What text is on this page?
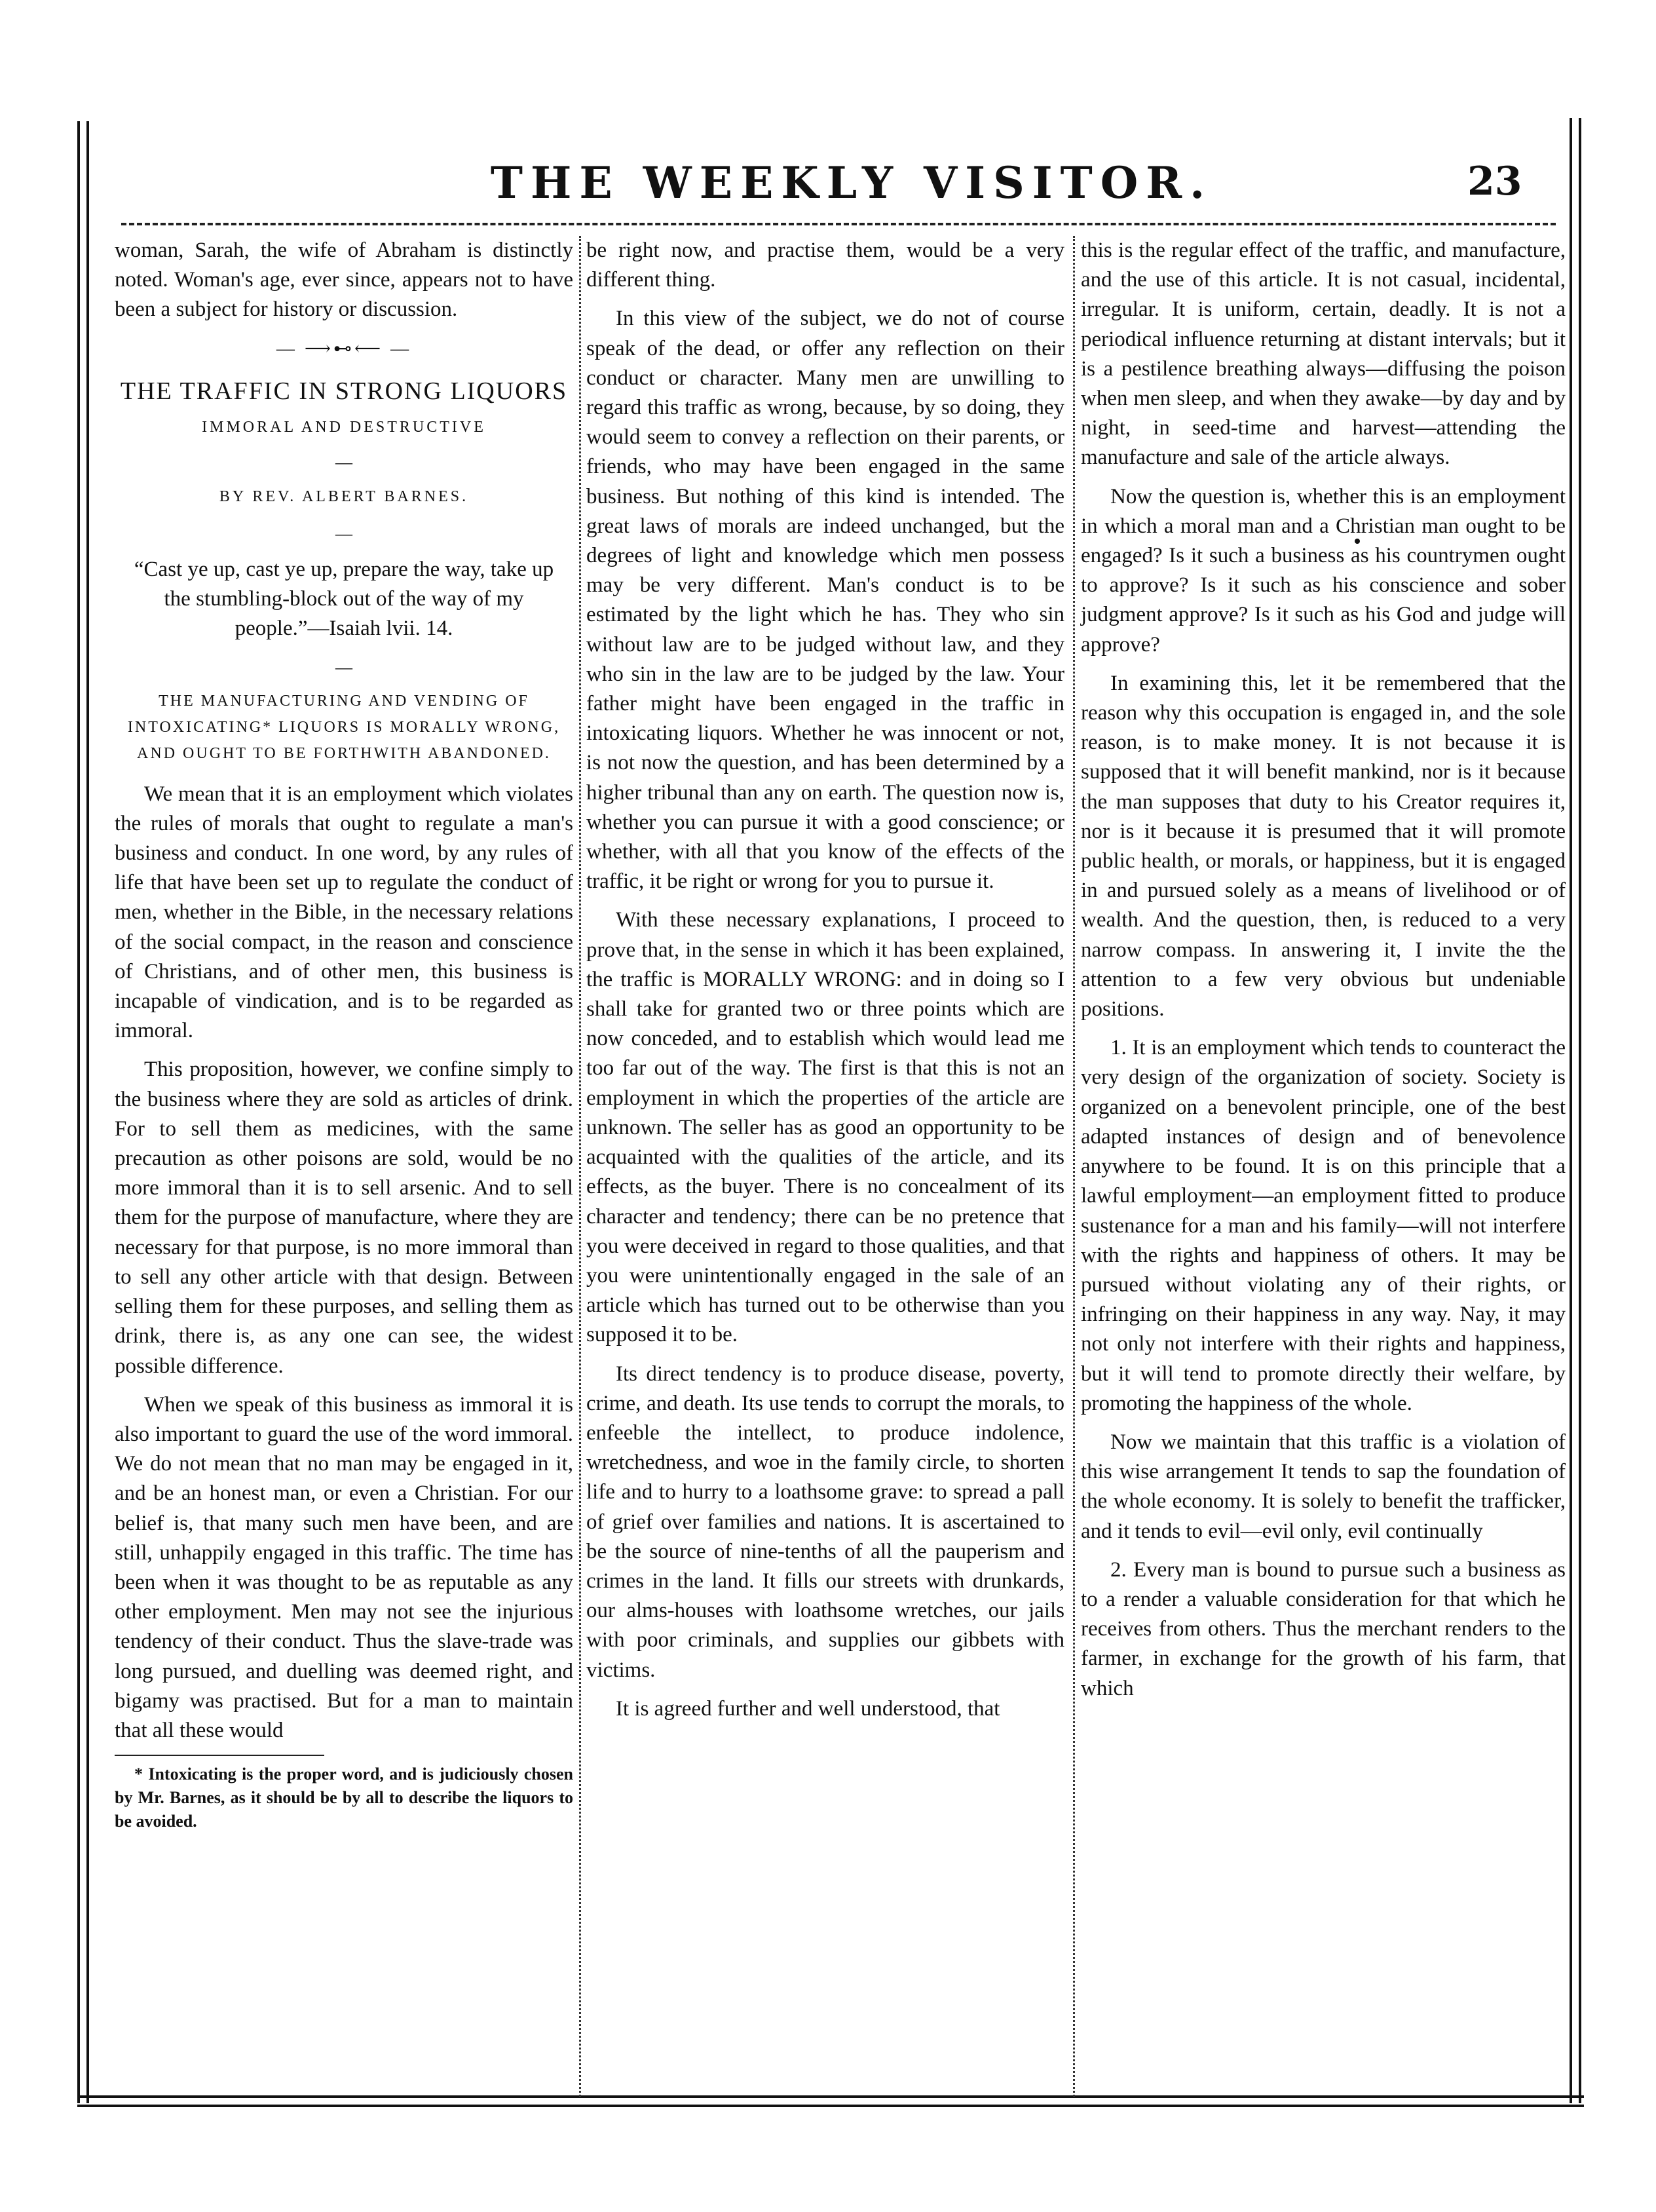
THE WEEKLY VISITOR.	23

woman, Sarah, the wife of Abraham is distinctly noted. Woman's age, ever since, appears not to have been a subject for history or discussion.

— ⟶⊷⟵ —
THE TRAFFIC IN STRONG LIQUORS
IMMORAL AND DESTRUCTIVE
—
BY REV. ALBERT BARNES.
—

“Cast ye up, cast ye up, prepare the way, take up the stumbling-block out of the way of my people.”—Isaiah lvii. 14.

—

THE MANUFACTURING AND VENDING OF INTOXICATING* LIQUORS IS MORALLY WRONG, AND OUGHT TO BE FORTHWITH ABANDONED.

We mean that it is an employment which violates the rules of morals that ought to regulate a man's business and conduct. In one word, by any rules of life that have been set up to regulate the conduct of men, whether in the Bible, in the necessary relations of the social compact, in the reason and conscience of Christians, and of other men, this business is incapable of vindication, and is to be regarded as immoral.

This proposition, however, we confine simply to the business where they are sold as articles of drink. For to sell them as medicines, with the same precaution as other poisons are sold, would be no more immoral than it is to sell arsenic. And to sell them for the purpose of manufacture, where they are necessary for that purpose, is no more immoral than to sell any other article with that design. Between selling them for these purposes, and selling them as drink, there is, as any one can see, the widest possible difference.

When we speak of this business as immoral it is also important to guard the use of the word immoral. We do not mean that no man may be engaged in it, and be an honest man, or even a Christian. For our belief is, that many such men have been, and are still, unhappily engaged in this traffic. The time has been when it was thought to be as reputable as any other employment. Men may not see the injurious tendency of their conduct. Thus the slave-trade was long pursued, and duelling was deemed right, and bigamy was practised. But for a man to maintain that all these would

* Intoxicating is the proper word, and is judiciously chosen by Mr. Barnes, as it should be by all to describe the liquors to be avoided.

be right now, and practise them, would be a very different thing.

In this view of the subject, we do not of course speak of the dead, or offer any reflection on their conduct or character. Many men are unwilling to regard this traffic as wrong, because, by so doing, they would seem to convey a reflection on their parents, or friends, who may have been engaged in the same business. But nothing of this kind is intended. The great laws of morals are indeed unchanged, but the degrees of light and knowledge which men possess may be very different. Man's conduct is to be estimated by the light which he has. They who sin without law are to be judged without law, and they who sin in the law are to be judged by the law. Your father might have been engaged in the traffic in intoxicating liquors. Whether he was innocent or not, is not now the question, and has been determined by a higher tribunal than any on earth. The question now is, whether you can pursue it with a good conscience; or whether, with all that you know of the effects of the traffic, it be right or wrong for you to pursue it.

With these necessary explanations, I proceed to prove that, in the sense in which it has been explained, the traffic is MORALLY WRONG: and in doing so I shall take for granted two or three points which are now conceded, and to establish which would lead me too far out of the way. The first is that this is not an employment in which the properties of the article are unknown. The seller has as good an opportunity to be acquainted with the qualities of the article, and its effects, as the buyer. There is no concealment of its character and tendency; there can be no pretence that you were deceived in regard to those qualities, and that you were unintentionally engaged in the sale of an article which has turned out to be otherwise than you supposed it to be.

Its direct tendency is to produce disease, poverty, crime, and death. Its use tends to corrupt the morals, to enfeeble the intellect, to produce indolence, wretchedness, and woe in the family circle, to shorten life and to hurry to a loathsome grave: to spread a pall of grief over families and nations. It is ascertained to be the source of nine-tenths of all the pauperism and crimes in the land. It fills our streets with drunkards, our alms-houses with loathsome wretches, our jails with poor criminals, and supplies our gibbets with victims.

It is agreed further and well understood, that

this is the regular effect of the traffic, and manufacture, and the use of this article. It is not casual, incidental, irregular. It is uniform, certain, deadly. It is not a periodical influence returning at distant intervals; but it is a pestilence breathing always—diffusing the poison when men sleep, and when they awake—by day and by night, in seed-time and harvest—attending the manufacture and sale of the article always.

Now the question is, whether this is an employment in which a moral man and a Christian man ought to be engaged? Is it such a business as his countrymen ought to approve? Is it such as his conscience and sober judgment approve? Is it such as his God and judge will approve?

In examining this, let it be remembered that the reason why this occupation is engaged in, and the sole reason, is to make money. It is not because it is supposed that it will benefit mankind, nor is it because the man supposes that duty to his Creator requires it, nor is it because it is presumed that it will promote public health, or morals, or happiness, but it is engaged in and pursued solely as a means of livelihood or of wealth. And the question, then, is reduced to a very narrow compass. In answering it, I invite the the attention to a few very obvious but undeniable positions.

1. It is an employment which tends to counteract the very design of the organization of society. Society is organized on a benevolent principle, one of the best adapted instances of design and of benevolence anywhere to be found. It is on this principle that a lawful employment—an employment fitted to produce sustenance for a man and his family—will not interfere with the rights and happiness of others. It may be pursued without violating any of their rights, or infringing on their happiness in any way. Nay, it may not only not interfere with their rights and happiness, but it will tend to promote directly their welfare, by promoting the happiness of the whole.

Now we maintain that this traffic is a violation of this wise arrangement It tends to sap the foundation of the whole economy. It is solely to benefit the trafficker, and it tends to evil—evil only, evil continually

2. Every man is bound to pursue such a business as to a render a valuable consideration for that which he receives from others. Thus the merchant renders to the farmer, in exchange for the growth of his farm, that which
